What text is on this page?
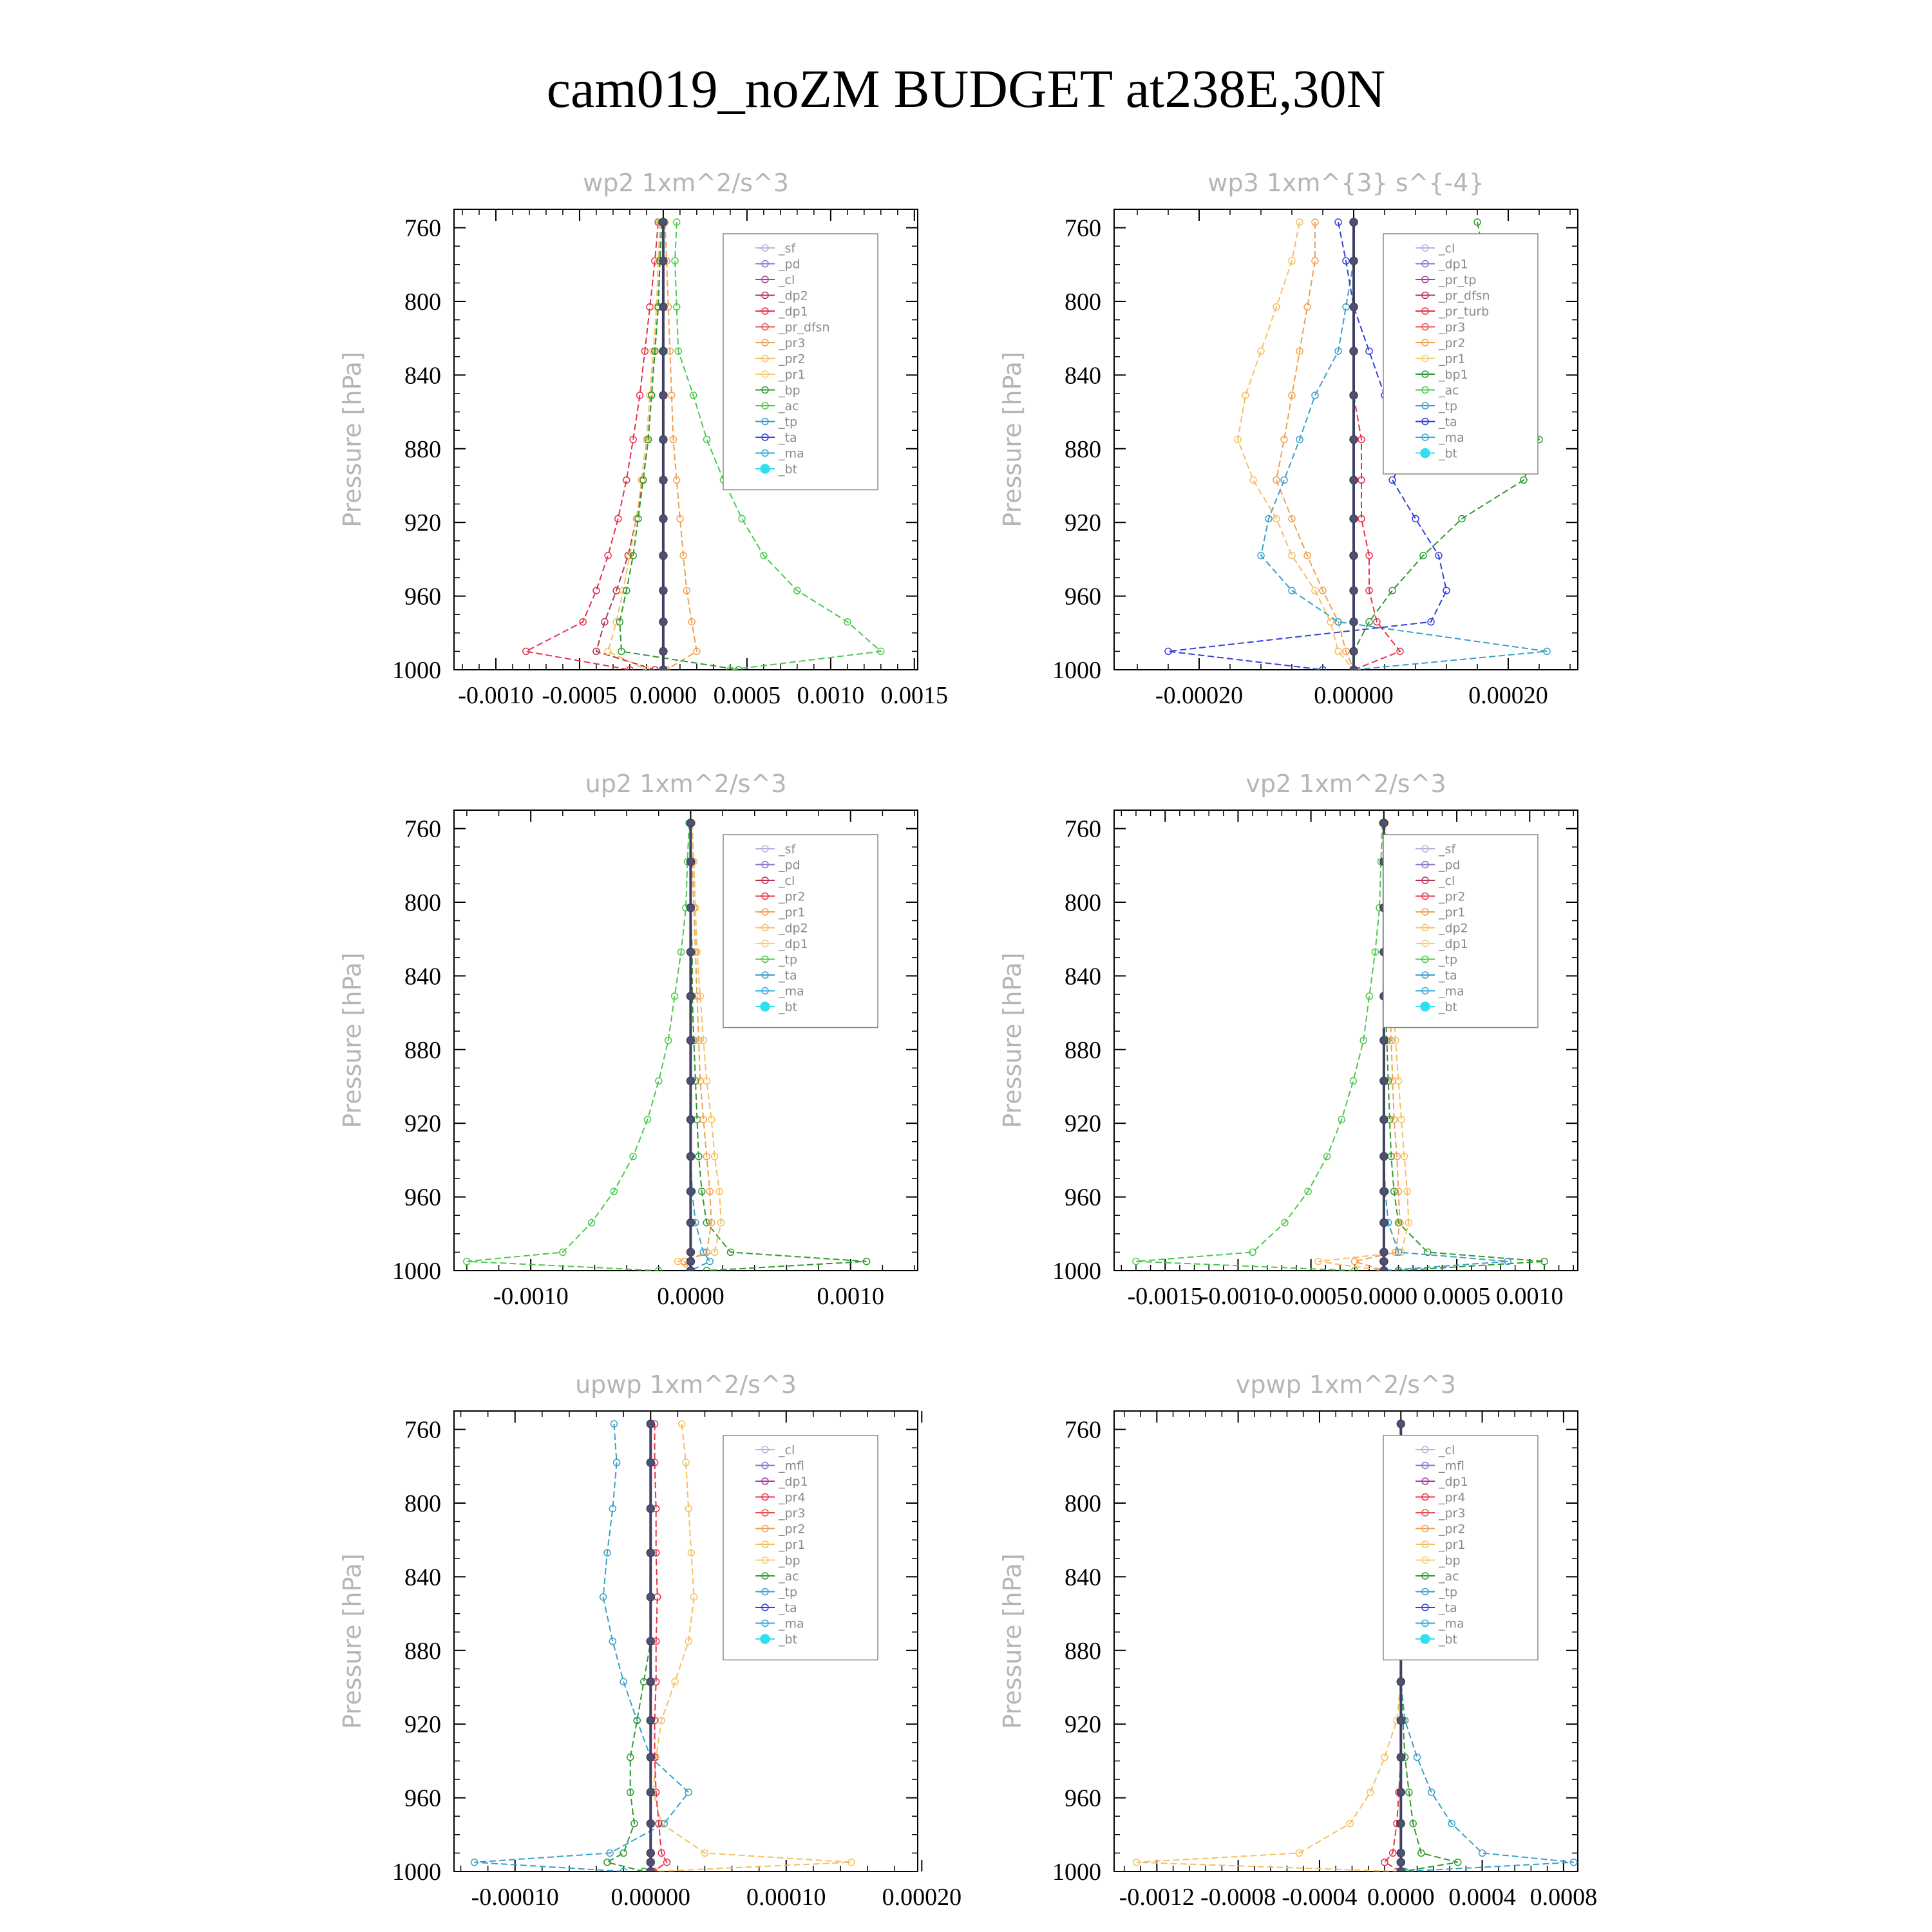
cam019_noZM BUDGET at238E,30N
wp2 1xm^2/s^3
Pressure [hPa]
760
800
840
880
920
960
1000
-0.0010 -0.0005 0.0000 0.0005 0.0010 0.0015
_sf
_pd
_cl
_dp2
_dp1
_pr_dfsn
_pr3
_pr2
_pr1
_bp
_ac
_tp
_ta
_ma
_bt
wp3 1xm^{3} s^{-4}
Pressure [hPa]
760
800
840
880
920
960
1000
-0.00020	0.00000	0.00020
_cl
_dp1
_pr_tp
_pr_dfsn
_pr_turb
_pr3
_pr2
_pr1
_bp1
_ac
_tp
_ta
_ma
_bt
up2 1xm^2/s^3
Pressure [hPa]
760
800
840
880
920
960
1000
-0.0010	0.0000	0.0010
_sf
_pd
_cl
_pr2
_pr1
_dp2
_dp1
_tp
_ta
_ma
_bt
vp2 1xm^2/s^3
Pressure [hPa]
760
800
840
880
920
960
1000
-0.0015
-0.0010
-0.0005 0.0000 0.0005 0.0010
_sf
_pd
_cl
_pr2
_pr1
_dp2
_dp1
_tp
_ta
_ma
_bt
upwp 1xm^2/s^3
Pressure [hPa]
760
800
840
880
920
960
1000
-0.00010 0.00000 0.00010 0.00020
_cl
_mfl
_dp1
_pr4
_pr3
_pr2
_pr1
_bp
_ac
_tp
_ta
_ma
_bt
vpwp 1xm^2/s^3
Pressure [hPa]
760
800
840
880
920
960
1000
-0.0012 -0.0008 -0.0004 0.0000 0.0004 0.0008
_cl
_mfl
_dp1
_pr4
_pr3
_pr2
_pr1
_bp
_ac
_tp
_ta
_ma
_bt
